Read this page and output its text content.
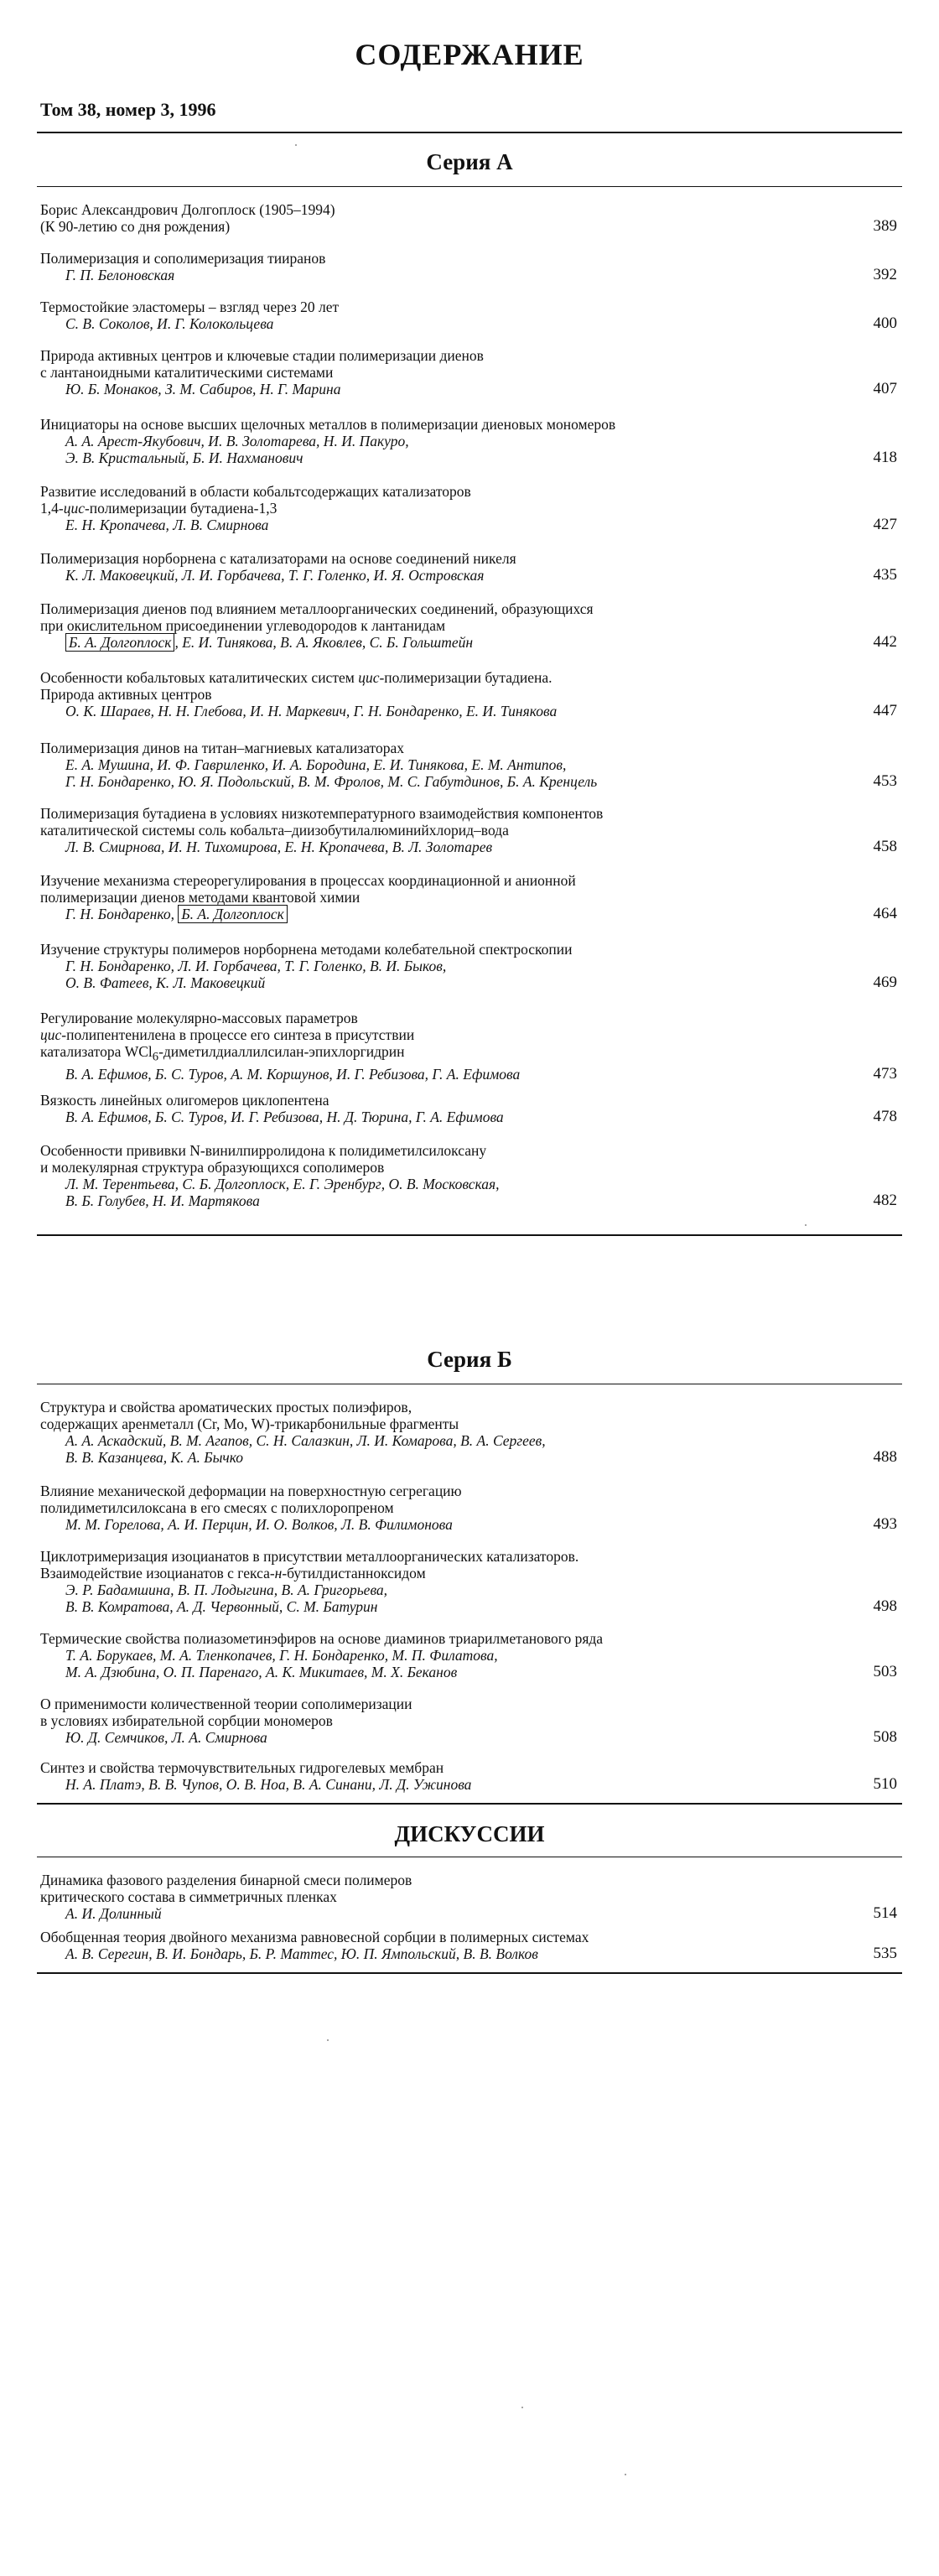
СОДЕРЖАНИЕ
Том 38, номер 3, 1996
Серия А
Борис Александрович Долгоплоск (1905–1994)
(К 90-летию со дня рождения)	389
Полимеризация и сополимеризация тииранов
Г. П. Белоновская	392
Термостойкие эластомеры – взгляд через 20 лет
С. В. Соколов, И. Г. Колокольцева	400
Природа активных центров и ключевые стадии полимеризации диенов
с лантаноидными каталитическими системами
Ю. Б. Монаков, З. М. Сабиров, Н. Г. Марина	407
Инициаторы на основе высших щелочных металлов в полимеризации диеновых мономеров
А. А. Арест-Якубович, И. В. Золотарева, Н. И. Пакуро,
Э. В. Кристальный, Б. И. Нахманович	418
Развитие исследований в области кобальтсодержащих катализаторов
1,4-цис-полимеризации бутадиена-1,3
Е. Н. Кропачева, Л. В. Смирнова	427
Полимеризация норборнена с катализаторами на основе соединений никеля
К. Л. Маковецкий, Л. И. Горбачева, Т. Г. Голенко, И. Я. Островская	435
Полимеризация диенов под влиянием металлоорганических соединений, образующихся
при окислительном присоединении углеводородов к лантанидам
Б. А. Долгоплоск , Е. И. Тинякова, В. А. Яковлев, С. Б. Гольштейн	442
Особенности кобальтовых каталитических систем цис-полимеризации бутадиена.
Природа активных центров
О. К. Шараев, Н. Н. Глебова, И. Н. Маркевич, Г. Н. Бондаренко, Е. И. Тинякова	447
Полимеризация динов на титан–магниевых катализаторах
Е. А. Мушина, И. Ф. Гавриленко, И. А. Бородина, Е. И. Тинякова, Е. М. Антипов,
Г. Н. Бондаренко, Ю. Я. Подольский, В. М. Фролов, М. С. Габутдинов, Б. А. Кренцель	453
Полимеризация бутадиена в условиях низкотемпературного взаимодействия компонентов
каталитической системы соль кобальта–диизобутилалюминийхлорид–вода
Л. В. Смирнова, И. Н. Тихомирова, Е. Н. Кропачева, В. Л. Золотарев	458
Изучение механизма стереорегулирования в процессах координационной и анионной
полимеризации диенов методами квантовой химии
Г. Н. Бондаренко, Б. А. Долгоплоск	464
Изучение структуры полимеров норборнена методами колебательной спектроскопии
Г. Н. Бондаренко, Л. И. Горбачева, Т. Г. Голенко, В. И. Быков,
О. В. Фатеев, К. Л. Маковецкий	469
Регулирование молекулярно-массовых параметров
цис-полипентенилена в процессе его синтеза в присутствии
катализатора WCl$_6$-диметилдиаллилсилан-эпихлоргидрин
В. А. Ефимов, Б. С. Туров, А. М. Коршунов, И. Г. Ребизова, Г. А. Ефимова	473
Вязкость линейных олигомеров циклопентена
В. А. Ефимов, Б. С. Туров, И. Г. Ребизова, Н. Д. Тюрина, Г. А. Ефимова	478
Особенности прививки N-винилпирролидона к полидиметилсилоксану
и молекулярная структура образующихся сополимеров
Л. М. Терентьева, С. Б. Долгоплоск, Е. Г. Эренбург, О. В. Московская,
В. Б. Голубев, Н. И. Мартякова	482
Серия Б
Структура и свойства ароматических простых полиэфиров,
содержащих аренметалл (Cr, Mo, W)-трикарбонильные фрагменты
А. А. Аскадский, В. М. Агапов, С. Н. Салазкин, Л. И. Комарова, В. А. Сергеев,
В. В. Казанцева, К. А. Бычко	488
Влияние механической деформации на поверхностную сегрегацию
полидиметилсилоксана в его смесях с полихлоропреном
М. М. Горелова, А. И. Перцин, И. О. Волков, Л. В. Филимонова	493
Циклотримеризация изоцианатов в присутствии металлоорганических катализаторов.
Взаимодействие изоцианатов с гекса-н-бутилдистанноксидом
Э. Р. Бадамшина, В. П. Лодыгина, В. А. Григорьева,
В. В. Комратова, А. Д. Червонный, С. М. Батурин	498
Термические свойства полиазометинэфиров на основе диаминов триарилметанового ряда
Т. А. Борукаев, М. А. Тленкопачев, Г. Н. Бондаренко, М. П. Филатова,
М. А. Дзюбина, О. П. Паренаго, А. К. Микитаев, М. Х. Беканов	503
О применимости количественной теории сополимеризации
в условиях избирательной сорбции мономеров
Ю. Д. Семчиков, Л. А. Смирнова	508
Синтез и свойства термочувствительных гидрогелевых мембран
Н. А. Платэ, В. В. Чупов, О. В. Ноа, В. А. Синани, Л. Д. Ужинова	510
ДИСКУССИИ
Динамика фазового разделения бинарной смеси полимеров
критического состава в симметричных пленках
А. И. Долинный	514
Обобщенная теория двойного механизма равновесной сорбции в полимерных системах
А. В. Серегин, В. И. Бондарь, Б. Р. Маттес, Ю. П. Ямпольский, В. В. Волков	535
